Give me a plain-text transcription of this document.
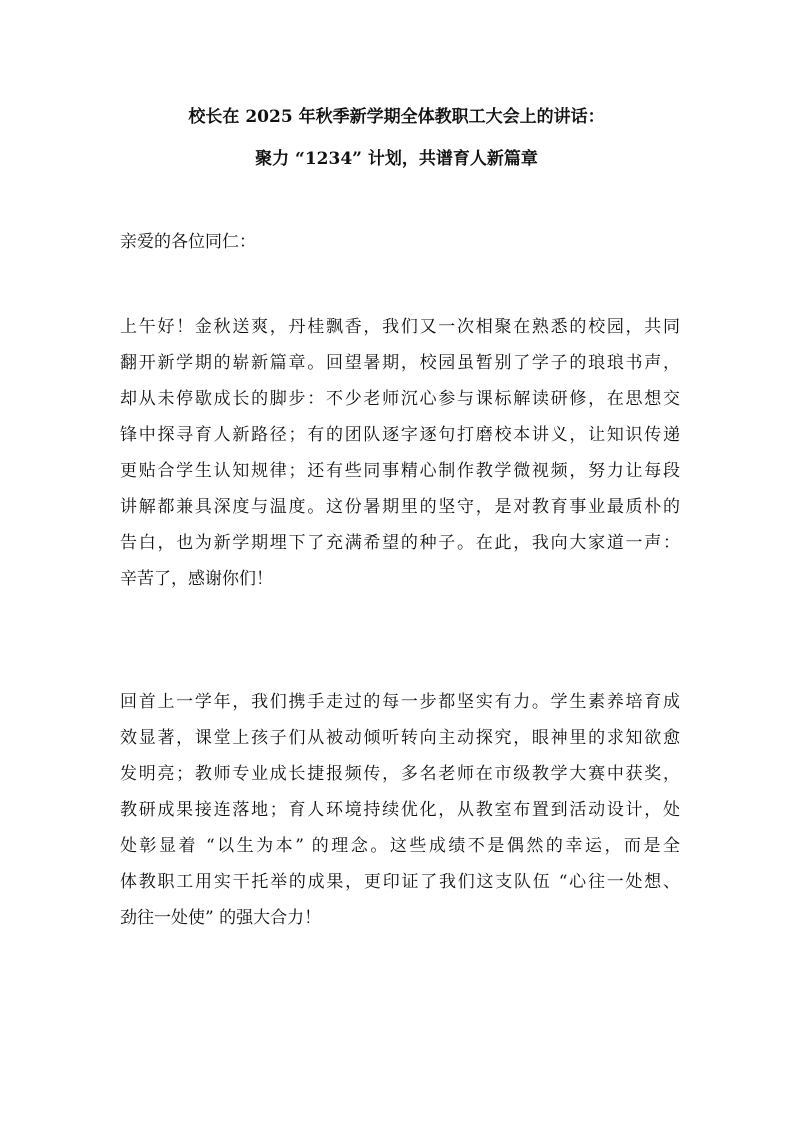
校长在 2025 年秋季新学期全体教职工大会上的讲话：
聚力 “1234” 计划，共谱育人新篇章

亲爱的各位同仁：

上午好！金秋送爽，丹桂飘香，我们又一次相聚在熟悉的校园，共同
翻开新学期的崭新篇章。回望暑期，校园虽暂别了学子的琅琅书声，
却从未停歇成长的脚步：不少老师沉心参与课标解读研修，在思想交
锋中探寻育人新路径；有的团队逐字逐句打磨校本讲义，让知识传递
更贴合学生认知规律；还有些同事精心制作教学微视频，努力让每段
讲解都兼具深度与温度。这份暑期里的坚守，是对教育事业最质朴的
告白，也为新学期埋下了充满希望的种子。在此，我向大家道一声：
辛苦了，感谢你们！
回首上一学年，我们携手走过的每一步都坚实有力。学生素养培育成
效显著，课堂上孩子们从被动倾听转向主动探究，眼神里的求知欲愈
发明亮；教师专业成长捷报频传，多名老师在市级教学大赛中获奖，
教研成果接连落地；育人环境持续优化，从教室布置到活动设计，处
处彰显着 “以生为本” 的理念。这些成绩不是偶然的幸运，而是全
体教职工用实干托举的成果，更印证了我们这支队伍 “心往一处想、
劲往一处使” 的强大合力！
